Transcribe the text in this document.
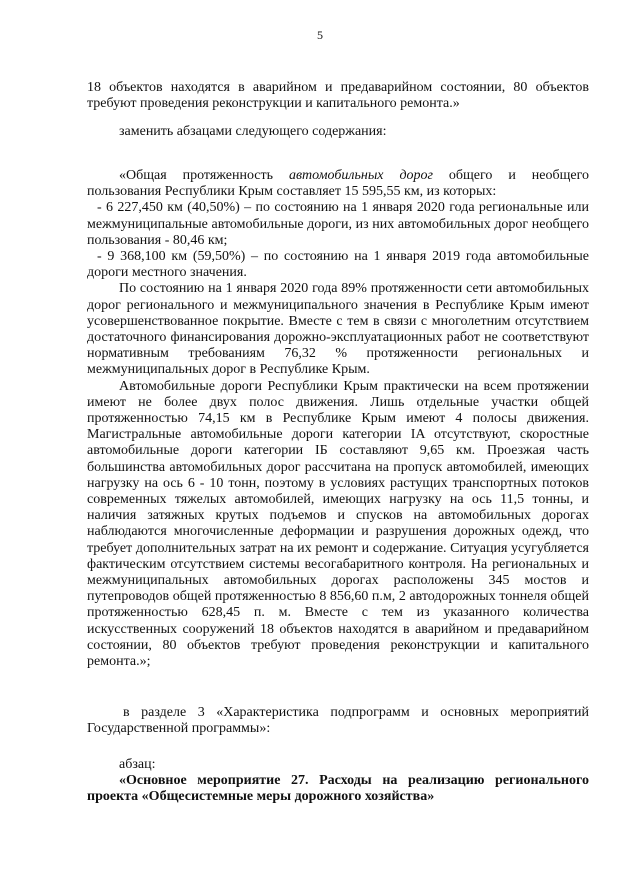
5

18 объектов находятся в аварийном и предаварийном состоянии, 80 объектов требуют проведения реконструкции и капитального ремонта.»

заменить абзацами следующего содержания:

«Общая протяженность автомобильных дорог общего и необщего пользования Республики Крым составляет 15 595,55 км, из которых:

- 6 227,450 км (40,50%) – по состоянию на 1 января 2020 года региональные или межмуниципальные автомобильные дороги, из них автомобильных дорог необщего пользования - 80,46 км;

- 9 368,100 км (59,50%) – по состоянию на 1 января 2019 года автомобильные дороги местного значения.

По состоянию на 1 января 2020 года 89% протяженности сети автомобильных дорог регионального и межмуниципального значения в Республике Крым имеют усовершенствованное покрытие. Вместе с тем в связи с многолетним отсутствием достаточного финансирования дорожно-эксплуатационных работ не соответствуют нормативным требованиям 76,32 % протяженности региональных и межмуниципальных дорог в Республике Крым.

Автомобильные дороги Республики Крым практически на всем протяжении имеют не более двух полос движения. Лишь отдельные участки общей протяженностью 74,15 км в Республике Крым имеют 4 полосы движения. Магистральные автомобильные дороги категории IA отсутствуют, скоростные автомобильные дороги категории IБ составляют 9,65 км. Проезжая часть большинства автомобильных дорог рассчитана на пропуск автомобилей, имеющих нагрузку на ось 6 - 10 тонн, поэтому в условиях растущих транспортных потоков современных тяжелых автомобилей, имеющих нагрузку на ось 11,5 тонны, и наличия затяжных крутых подъемов и спусков на автомобильных дорогах наблюдаются многочисленные деформации и разрушения дорожных одежд, что требует дополнительных затрат на их ремонт и содержание. Ситуация усугубляется фактическим отсутствием системы весогабаритного контроля. На региональных и межмуниципальных автомобильных дорогах расположены 345 мостов и путепроводов общей протяженностью 8 856,60 п.м, 2 автодорожных тоннеля общей протяженностью 628,45 п. м. Вместе с тем из указанного количества искусственных сооружений 18 объектов находятся в аварийном и предаварийном состоянии, 80 объектов требуют проведения реконструкции и капитального ремонта.»;

в разделе 3 «Характеристика подпрограмм и основных мероприятий Государственной программы»:

абзац:

«Основное мероприятие 27. Расходы на реализацию регионального проекта «Общесистемные меры дорожного хозяйства»
